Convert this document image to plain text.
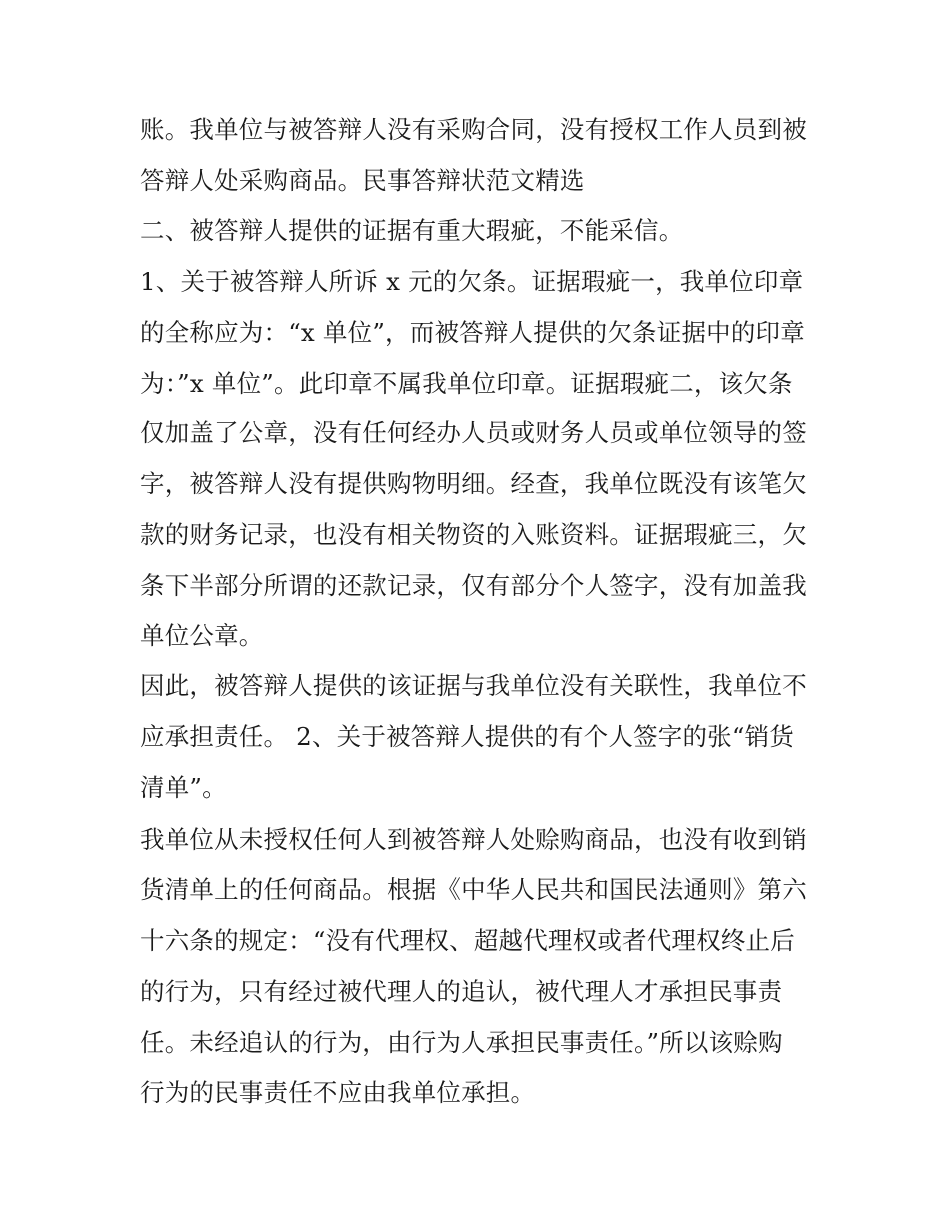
账。我单位与被答辩人没有采购合同，没有授权工作人员到被
答辩人处采购商品。民事答辩状范文精选
二、被答辩人提供的证据有重大瑕疵，不能采信。
1、关于被答辩人所诉 x 元的欠条。证据瑕疵一，我单位印章
的全称应为：“x 单位”，而被答辩人提供的欠条证据中的印章
为：”x 单位”。此印章不属我单位印章。证据瑕疵二，该欠条
仅加盖了公章，没有任何经办人员或财务人员或单位领导的签
字，被答辩人没有提供购物明细。经查，我单位既没有该笔欠
款的财务记录，也没有相关物资的入账资料。证据瑕疵三，欠
条下半部分所谓的还款记录，仅有部分个人签字，没有加盖我
单位公章。
因此，被答辩人提供的该证据与我单位没有关联性，我单位不
应承担责任。 2、关于被答辩人提供的有个人签字的张“销货
清单”。
我单位从未授权任何人到被答辩人处赊购商品，也没有收到销
货清单上的任何商品。根据《中华人民共和国民法通则》第六
十六条的规定：“没有代理权、超越代理权或者代理权终止后
的行为，只有经过被代理人的追认，被代理人才承担民事责
任。未经追认的行为，由行为人承担民事责任。”所以该赊购
行为的民事责任不应由我单位承担。
